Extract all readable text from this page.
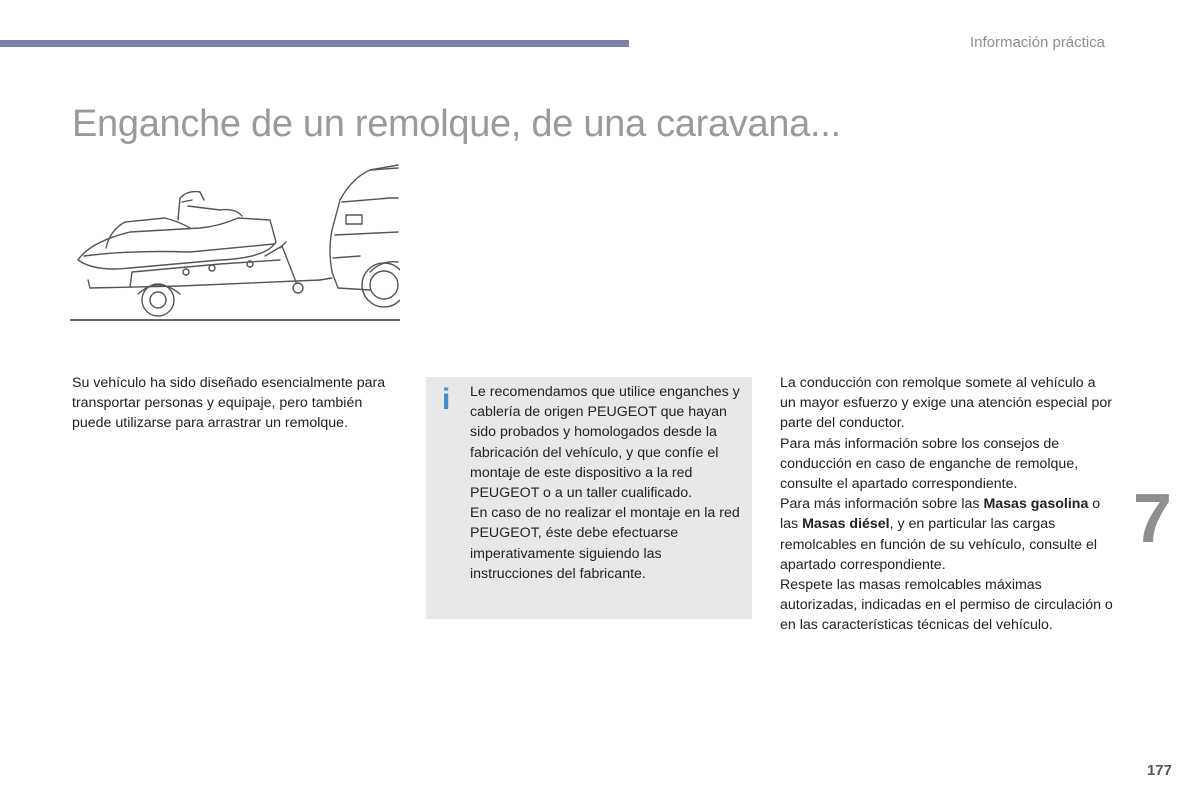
Información práctica
Enganche de un remolque, de una caravana...

Su vehículo ha sido diseñado esencialmente para transportar personas y equipaje, pero también puede utilizarse para arrastrar un remolque.

i Le recomendamos que utilice enganches y cablería de origen PEUGEOT que hayan sido probados y homologados desde la fabricación del vehículo, y que confíe el montaje de este dispositivo a la red PEUGEOT o a un taller cualificado.

En caso de no realizar el montaje en la red PEUGEOT, éste debe efectuarse imperativamente siguiendo las instrucciones del fabricante.

La conducción con remolque somete al vehículo a un mayor esfuerzo y exige una atención especial por parte del conductor.

Para más información sobre los consejos de conducción en caso de enganche de remolque, consulte el apartado correspondiente.

Para más información sobre las Masas gasolina o las Masas diésel, y en particular las cargas remolcables en función de su vehículo, consulte el apartado correspondiente.

Respete las masas remolcables máximas autorizadas, indicadas en el permiso de circulación o en las características técnicas del vehículo.

7
177
